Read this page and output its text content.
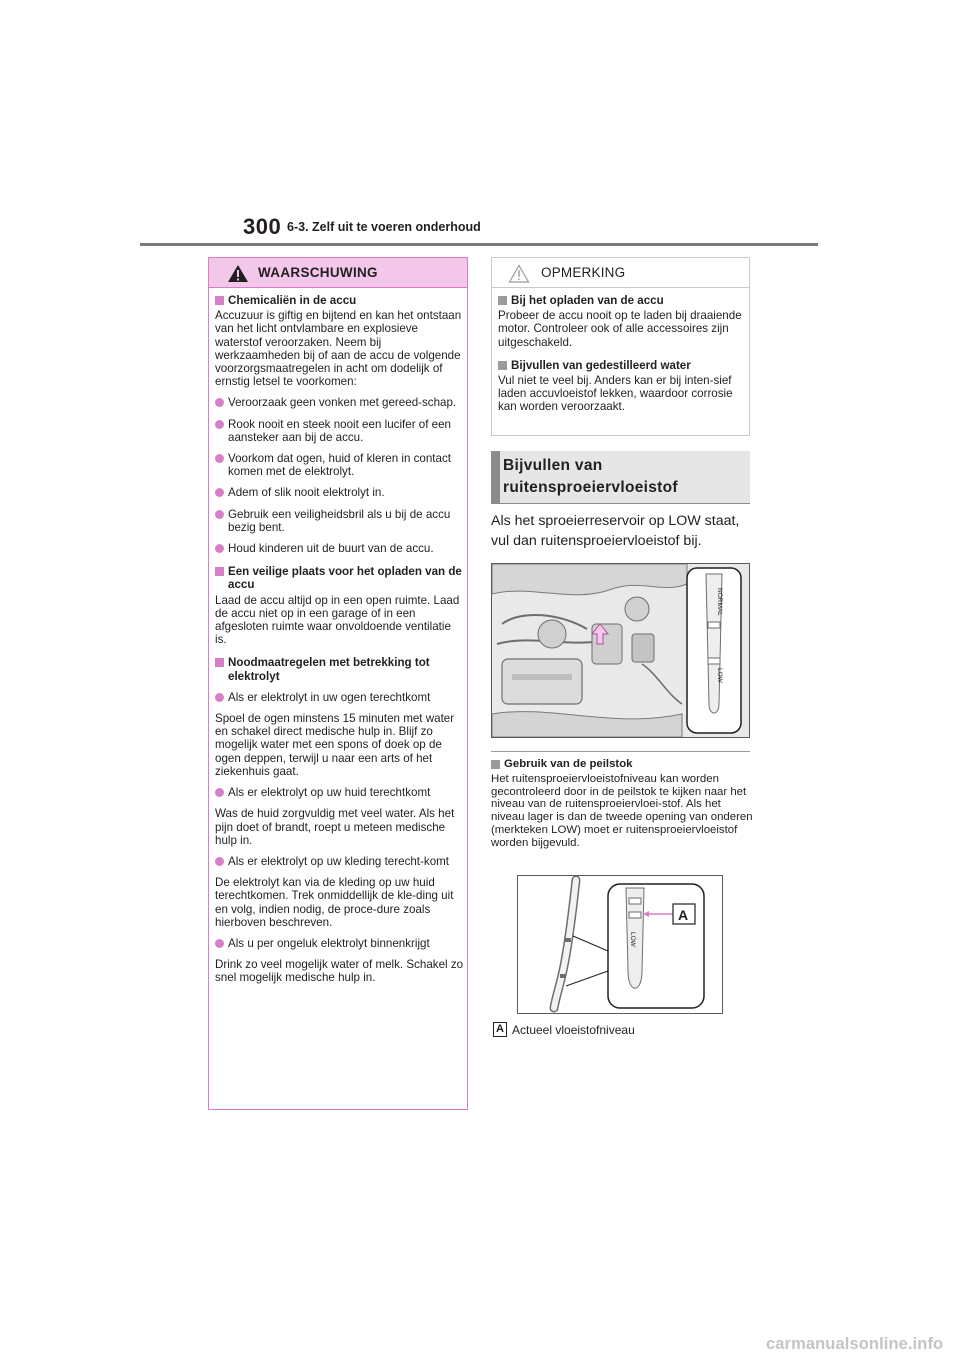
300 6-3. Zelf uit te voeren onderhoud
WAARSCHUWING
Chemicaliën in de accu

Accuzuur is giftig en bijtend en kan het ontstaan van het licht ontvlambare en explosieve waterstof veroorzaken. Neem bij werkzaamheden bij of aan de accu de volgende voorzorgsmaatregelen in acht om dodelijk of ernstig letsel te voorkomen:

Veroorzaak geen vonken met gereed-schap.
Rook nooit en steek nooit een lucifer of een aansteker aan bij de accu.
Voorkom dat ogen, huid of kleren in contact komen met de elektrolyt.
Adem of slik nooit elektrolyt in.
Gebruik een veiligheidsbril als u bij de accu bezig bent.
Houd kinderen uit de buurt van de accu.
Een veilige plaats voor het opladen van de accu

Laad de accu altijd op in een open ruimte. Laad de accu niet op in een garage of in een afgesloten ruimte waar onvoldoende ventilatie is.

Noodmaatregelen met betrekking tot elektrolyt
Als er elektrolyt in uw ogen terechtkomt

Spoel de ogen minstens 15 minuten met water en schakel direct medische hulp in. Blijf zo mogelijk water met een spons of doek op de ogen deppen, terwijl u naar een arts of het ziekenhuis gaat.

Als er elektrolyt op uw huid terechtkomt

Was de huid zorgvuldig met veel water. Als het pijn doet of brandt, roept u meteen medische hulp in.

Als er elektrolyt op uw kleding terecht-komt

De elektrolyt kan via de kleding op uw huid terechtkomen. Trek onmiddellijk de kle-ding uit en volg, indien nodig, de proce-dure zoals hierboven beschreven.

Als u per ongeluk elektrolyt binnenkrijgt

Drink zo veel mogelijk water of melk. Schakel zo snel mogelijk medische hulp in.

OPMERKING
Bij het opladen van de accu

Probeer de accu nooit op te laden bij draaiende motor. Controleer ook of alle accessoires zijn uitgeschakeld.

Bijvullen van gedestilleerd water

Vul niet te veel bij. Anders kan er bij inten-sief laden accuvloeistof lekken, waardoor corrosie kan worden veroorzaakt.

Bijvullen van
ruitensproeiervloeistof
Als het sproeierreservoir op LOW staat, vul dan ruitensproeiervloeistof bij.
NORMAL
LOW
Gebruik van de peilstok

Het ruitensproeiervloeistofniveau kan worden gecontroleerd door in de peilstok te kijken naar het niveau van de ruitensproeiervloei-stof. Als het niveau lager is dan de tweede opening van onderen (merkteken LOW) moet er ruitensproeiervloeistof worden bijgevuld.

LOW
A
A Actueel vloeistofniveau
carmanualsonline.info
